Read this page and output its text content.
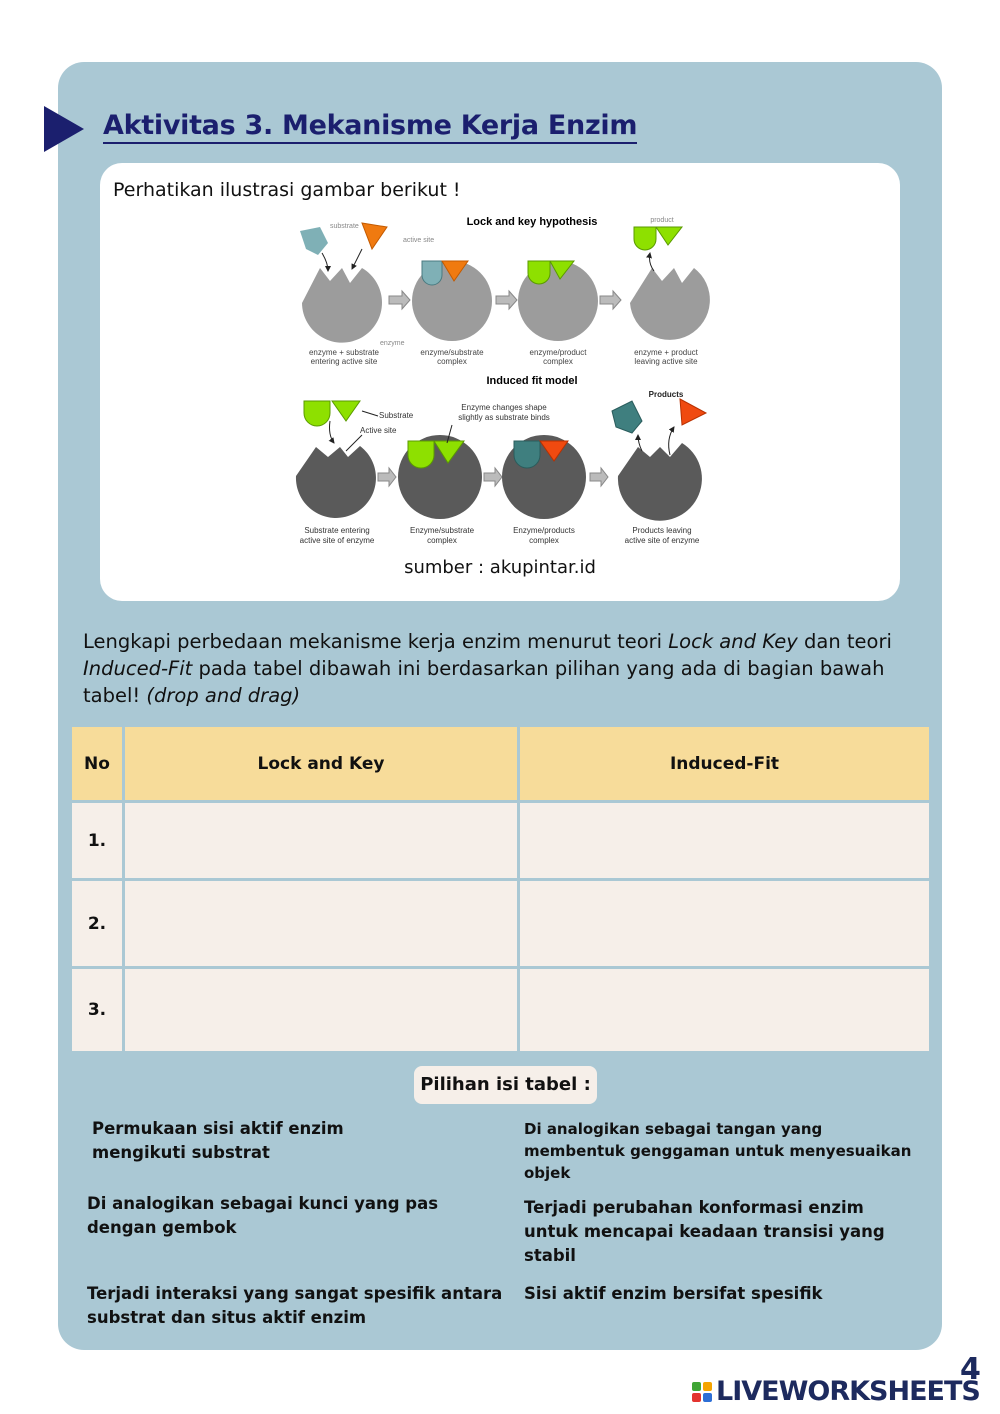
Aktivitas 3. Mekanisme Kerja Enzim
Perhatikan ilustrasi gambar berikut !
Lock and key hypothesis
substrate
active site
enzyme
enzyme + substrate
entering active site
enzyme/substrate
complex
enzyme/product
complex
product
enzyme + product
leaving active site
Induced fit model
Substrate
Active site
Substrate entering
active site of enzyme
Enzyme changes shape
slightly as substrate binds
Enzyme/substrate
complex
Enzyme/products
complex
Products
Products leaving
active site of enzyme
sumber : akupintar.id
Lengkapi perbedaan mekanisme kerja enzim menurut teori Lock and Key dan teori Induced-Fit pada tabel dibawah ini berdasarkan pilihan yang ada di bagian bawah tabel! (drop and drag)
No	Lock and Key	Induced-Fit
1.		
2.		
3.		
Pilihan isi tabel :
Permukaan sisi aktif enzim mengikuti substrat
Di analogikan sebagai tangan yang membentuk genggaman untuk menyesuaikan objek
Di analogikan sebagai kunci yang pas dengan gembok
Terjadi perubahan konformasi enzim untuk mencapai keadaan transisi yang stabil
Terjadi interaksi yang sangat spesifik antara substrat dan situs aktif enzim
Sisi aktif enzim bersifat spesifik
LIVEWORKSHEETS
4
